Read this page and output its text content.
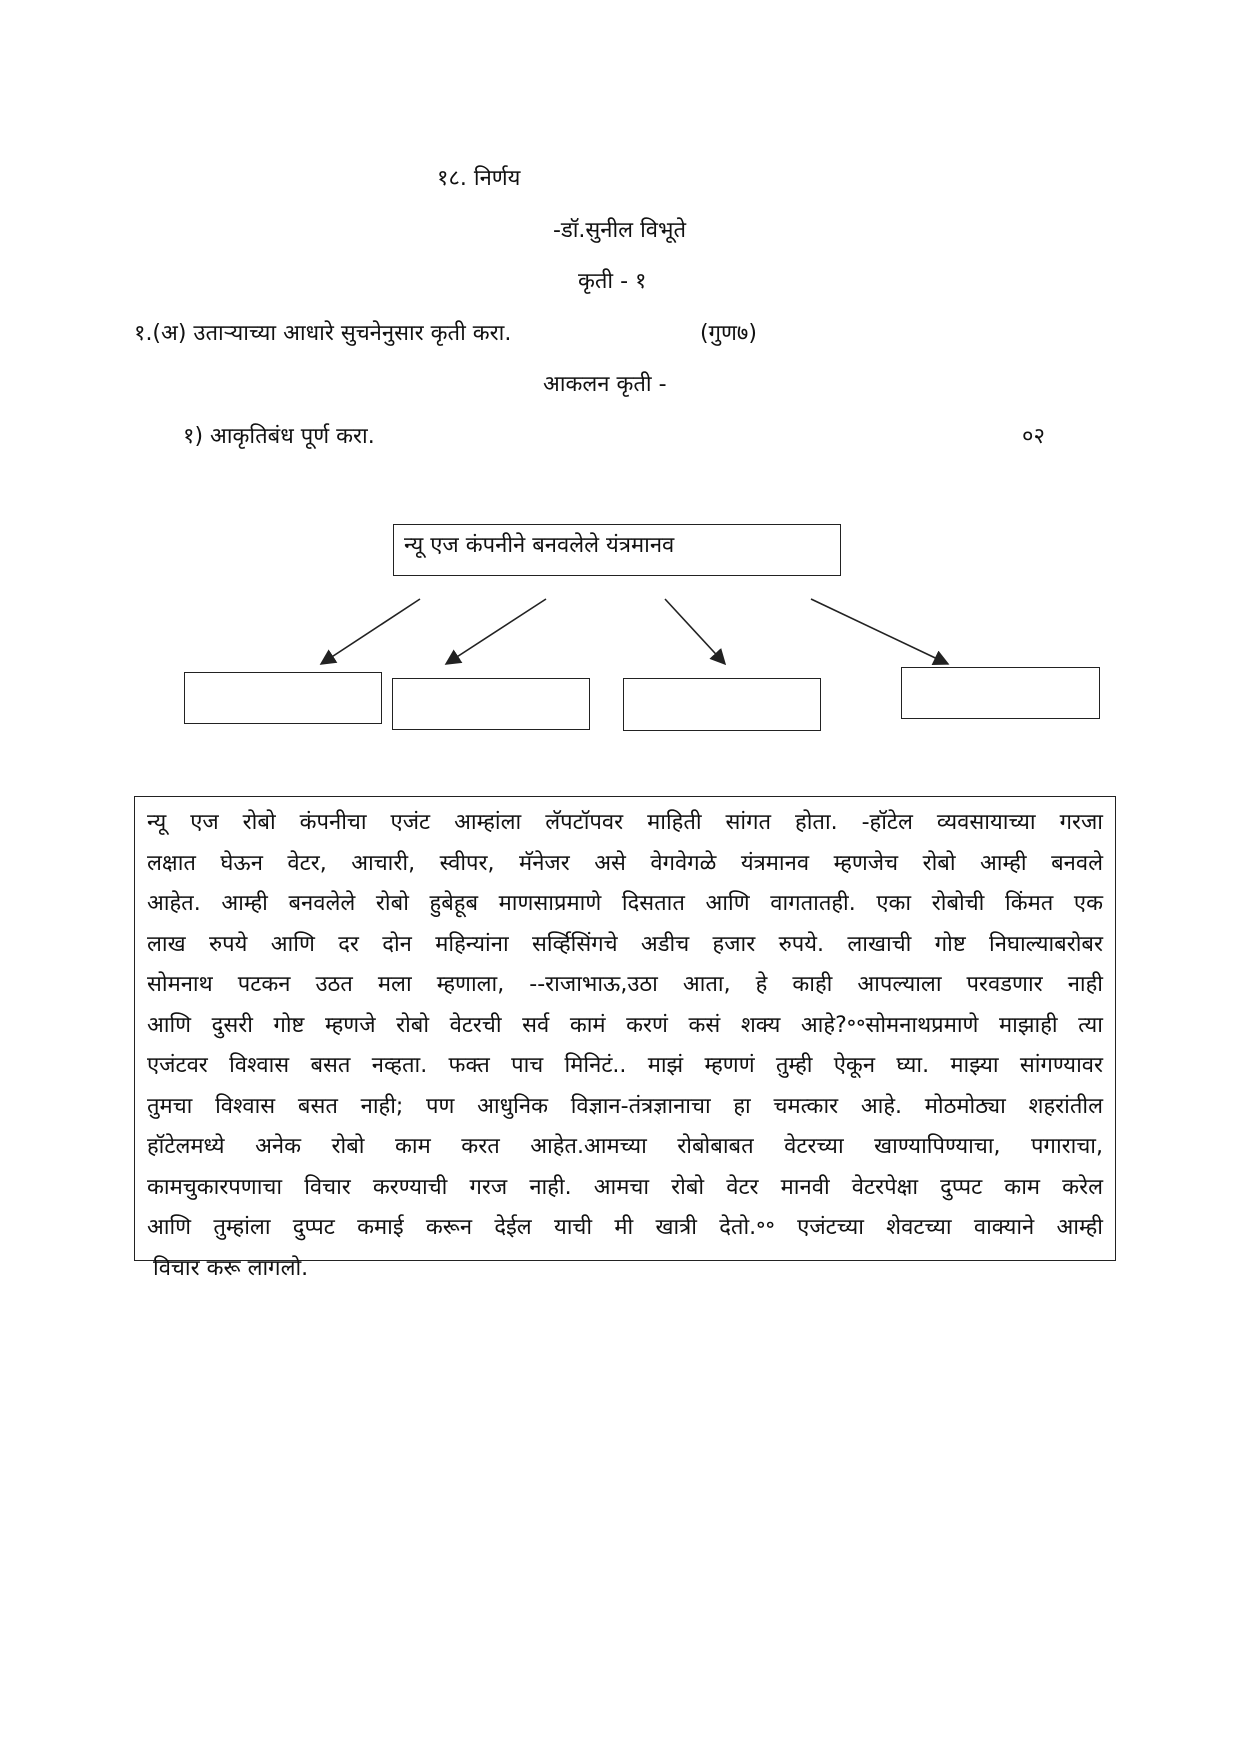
१८. निर्णय
-डॉ.सुनील विभूते
कृती - १
१.(अ) उताऱ्याच्या आधारे सुचनेनुसार कृती करा.	(गुण७)
आकलन कृती -
१) आकृतिबंध पूर्ण करा.	०२
न्यू एज कंपनीने बनवलेले यंत्रमानव
न्यू एज रोबो कंपनीचा एजंट आम्हांला लॅपटॉपवर माहिती सांगत होता. -हॉटेल व्यवसायाच्या गरजा
लक्षात घेऊन वेटर, आचारी, स्वीपर, मॅनेजर असे वेगवेगळे यंत्रमानव म्हणजेच रोबो आम्ही बनवले
आहेत. आम्ही बनवलेले रोबो हुबेहूब माणसाप्रमाणे दिसतात आणि वागतातही. एका रोबोची किंमत एक
लाख रुपये आणि दर दोन महिन्यांना सर्व्हिसिंगचे अडीच हजार रुपये. लाखाची गोष्ट निघाल्याबरोबर
सोमनाथ पटकन उठत मला म्हणाला, --राजाभाऊ,उठा आता, हे काही आपल्याला परवडणार नाही
आणि दुसरी गोष्ट म्हणजे रोबो वेटरची सर्व कामं करणं कसं शक्य आहे?॰॰सोमनाथप्रमाणे माझाही त्या
एजंटवर विश्वास बसत नव्हता. फक्त पाच मिनिटं.. माझं म्हणणं तुम्ही ऐकून घ्या. माझ्या सांगण्यावर
तुमचा विश्वास बसत नाही; पण आधुनिक विज्ञान-तंत्रज्ञानाचा हा चमत्कार आहे. मोठमोठ्या शहरांतील
हॉटेलमध्ये अनेक रोबो काम करत आहेत.आमच्या रोबोबाबत वेटरच्या खाण्यापिण्याचा, पगाराचा,
कामचुकारपणाचा विचार करण्याची गरज नाही. आमचा रोबो वेटर मानवी वेटरपेक्षा दुप्पट काम करेल
आणि तुम्हांला दुप्पट कमाई करून देईल याची मी खात्री देतो.॰॰ एजंटच्या शेवटच्या वाक्याने आम्ही
विचार करू लागलो.
